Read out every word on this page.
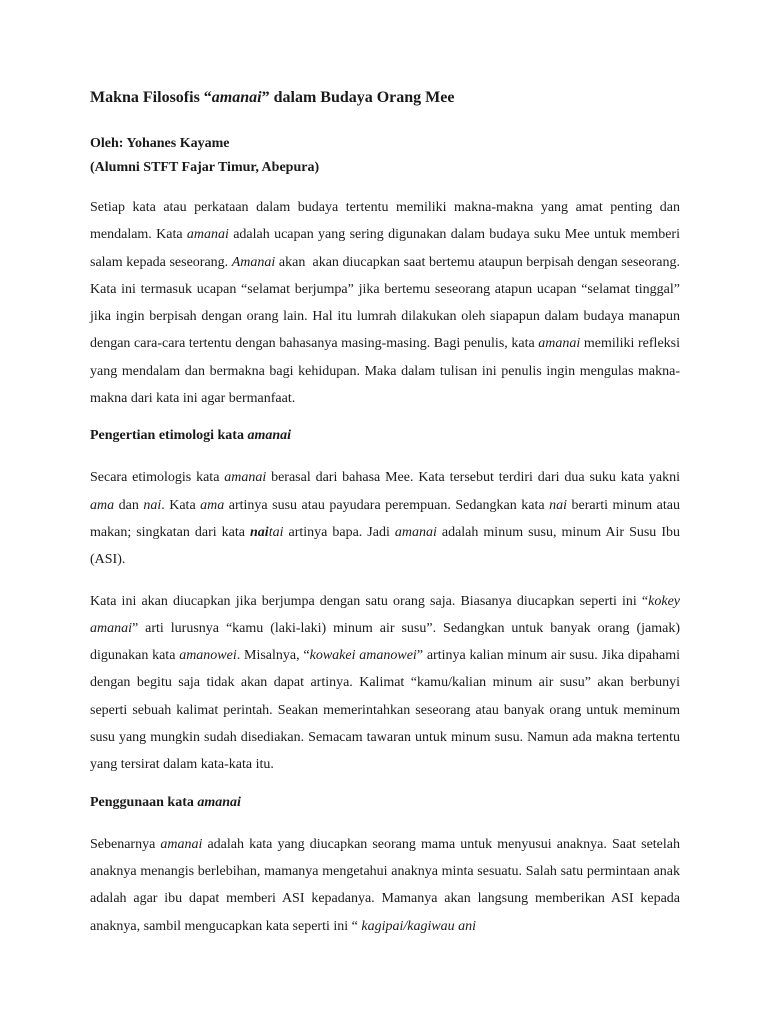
Makna Filosofis “amanai” dalam Budaya Orang Mee
Oleh: Yohanes Kayame
(Alumni STFT Fajar Timur, Abepura)

Setiap kata atau perkataan dalam budaya tertentu memiliki makna-makna yang amat penting dan mendalam. Kata amanai adalah ucapan yang sering digunakan dalam budaya suku Mee untuk memberi salam kepada seseorang. Amanai akan  akan diucapkan saat bertemu ataupun berpisah dengan seseorang. Kata ini termasuk ucapan “selamat berjumpa” jika bertemu seseorang atapun ucapan “selamat tinggal” jika ingin berpisah dengan orang lain. Hal itu lumrah dilakukan oleh siapapun dalam budaya manapun dengan cara-cara tertentu dengan bahasanya masing-masing. Bagi penulis, kata amanai memiliki refleksi yang mendalam dan bermakna bagi kehidupan. Maka dalam tulisan ini penulis ingin mengulas makna-makna dari kata ini agar bermanfaat.

Pengertian etimologi kata amanai

Secara etimologis kata amanai berasal dari bahasa Mee. Kata tersebut terdiri dari dua suku kata yakni ama dan nai. Kata ama artinya susu atau payudara perempuan. Sedangkan kata nai berarti minum atau makan; singkatan dari kata naitai artinya bapa. Jadi amanai adalah minum susu, minum Air Susu Ibu (ASI).

Kata ini akan diucapkan jika berjumpa dengan satu orang saja. Biasanya diucapkan seperti ini “kokey amanai” arti lurusnya “kamu (laki-laki) minum air susu”. Sedangkan untuk banyak orang (jamak) digunakan kata amanowei. Misalnya, “kowakei amanowei” artinya kalian minum air susu. Jika dipahami dengan begitu saja tidak akan dapat artinya. Kalimat “kamu/kalian minum air susu” akan berbunyi seperti sebuah kalimat perintah. Seakan memerintahkan seseorang atau banyak orang untuk meminum susu yang mungkin sudah disediakan. Semacam tawaran untuk minum susu. Namun ada makna tertentu yang tersirat dalam kata-kata itu.

Penggunaan kata amanai

Sebenarnya amanai adalah kata yang diucapkan seorang mama untuk menyusui anaknya. Saat setelah anaknya menangis berlebihan, mamanya mengetahui anaknya minta sesuatu. Salah satu permintaan anak adalah agar ibu dapat memberi ASI kepadanya. Mamanya akan langsung memberikan ASI kepada  anaknya, sambil mengucapkan kata seperti ini “ kagipai/kagiwau ani
